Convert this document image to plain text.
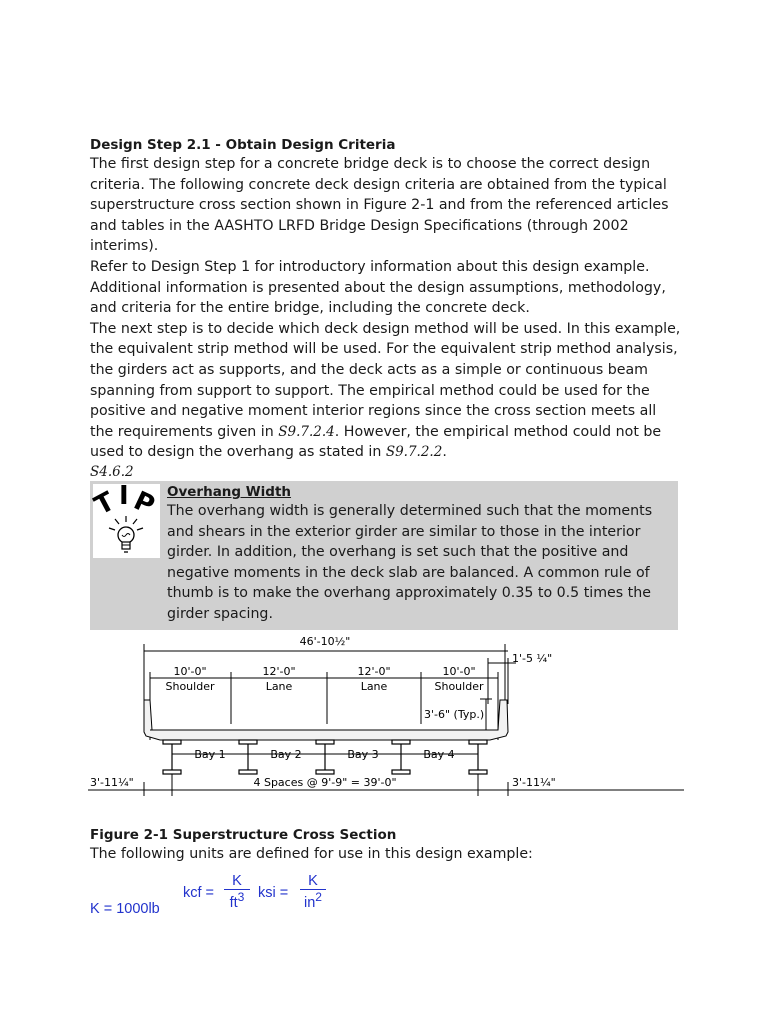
Design Step 2.1 - Obtain Design Criteria

The first design step for a concrete bridge deck is to choose the correct design criteria. The following concrete deck design criteria are obtained from the typical superstructure cross section shown in Figure 2-1 and from the referenced articles and tables in the AASHTO LRFD Bridge Design Specifications (through 2002 interims).

Refer to Design Step 1 for introductory information about this design example. Additional information is presented about the design assumptions, methodology, and criteria for the entire bridge, including the concrete deck.

The next step is to decide which deck design method will be used. In this example, the equivalent strip method will be used. For the equivalent strip method analysis, the girders act as supports, and the deck acts as a simple or continuous beam spanning from support to support. The empirical method could be used for the positive and negative moment interior regions since the cross section meets all the requirements given in S9.7.2.4. However, the empirical method could not be used to design the overhang as stated in S9.7.2.2.

S4.6.2
T I P Overhang Width
The overhang width is generally determined such that the moments and shears in the exterior girder are similar to those in the interior girder. In addition, the overhang is set such that the positive and negative moments in the deck slab are balanced. A common rule of thumb is to make the overhang approximately 0.35 to 0.5 times the girder spacing.
46'-10½"
1'-5 ¼"
10'-0"	12'-0"	12'-0"	10'-0"
Shoulder	Lane	Lane	Shoulder
3'-6" (Typ.)
Bay 1	Bay 2	Bay 3	Bay 4
3'-11¼"	4 Spaces @ 9'-9" = 39'-0"	3'-11¼"
Figure 2-1 Superstructure Cross Section

The following units are defined for use in this design example:

K = 1000lb
kcf = $\frac{K}{ft^3}$ ksi = $\frac{K}{in^2}$
